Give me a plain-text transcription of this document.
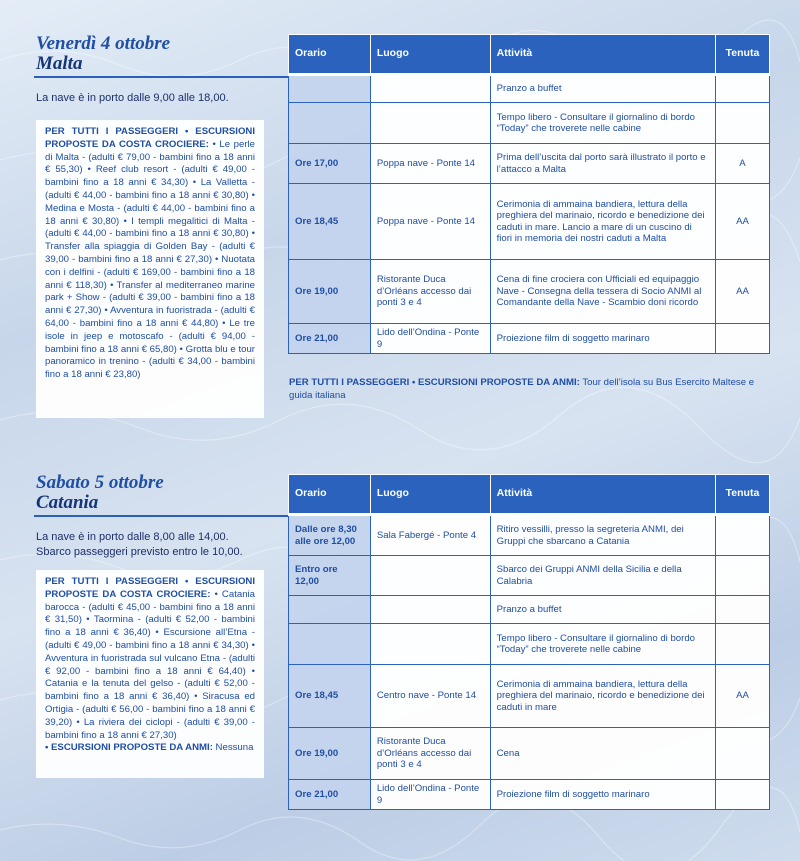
Venerdì 4 ottobre
Malta

La nave è in porto dalle 9,00 alle 18,00.

PER TUTTI I PASSEGGERI • ESCURSIONI PROPOSTE DA COSTA CROCIERE: • Le perle di Malta - (adulti € 79,00 - bambini fino a 18 anni € 55,30) • Reef club resort - (adulti € 49,00 - bambini fino a 18 anni € 34,30) • La Valletta - (adulti € 44,00 - bambini fino a 18 anni € 30,80) • Medina e Mosta - (adulti € 44,00 - bambini fino a 18 anni € 30,80) • I templi megalitici di Malta - (adulti € 44,00 - bambini fino a 18 anni € 30,80) • Transfer alla spiaggia di Golden Bay - (adulti € 39,00 - bambini fino a 18 anni € 27,30) • Nuotata con i delfini - (adulti € 169,00 - bambini fino a 18 anni € 118,30) • Transfer al mediterraneo marine park + Show - (adulti € 39,00 - bambini fino a 18 anni € 27,30) • Avventura in fuoristrada - (adulti € 64,00 - bambini fino a 18 anni € 44,80) • Le tre isole in jeep e motoscafo - (adulti € 94,00 - bambini fino a 18 anni € 65,80) • Grotta blu e tour panoramico in trenino - (adulti € 34,00 - bambini fino a 18 anni € 23,80)
Orario	Luogo	Attività	Tenuta
		Pranzo a buffet	
		Tempo libero - Consultare il giornalino di bordo “Today” che troverete nelle cabine	
Ore 17,00	Poppa nave - Ponte 14	Prima dell’uscita dal porto sarà illustrato il porto e l’attacco a Malta	A
Ore 18,45	Poppa nave - Ponte 14	Cerimonia di ammaina bandiera, lettura della preghiera del marinaio, ricordo e benedizione dei caduti in mare. Lancio a mare di un cuscino di fiori in memoria dei nostri caduti a Malta	AA
Ore 19,00	Ristorante Duca d’Orléans accesso dai ponti 3 e 4	Cena di fine crociera con Ufficiali ed equipaggio Nave - Consegna della tessera di Socio ANMI al Comandante della Nave - Scambio doni ricordo	AA
Ore 21,00	Lido dell’Ondina - Ponte 9	Proiezione film di soggetto marinaro	

PER TUTTI I PASSEGGERI • ESCURSIONI PROPOSTE DA ANMI: Tour dell’isola su Bus Esercito Maltese e guida italiana

Sabato 5 ottobre
Catania

La nave è in porto dalle 8,00 alle 14,00.
Sbarco passeggeri previsto entro le 10,00.

PER TUTTI I PASSEGGERI • ESCURSIONI PROPOSTE DA COSTA CROCIERE: • Catania barocca - (adulti € 45,00 - bambini fino a 18 anni € 31,50) • Taormina - (adulti € 52,00 - bambini fino a 18 anni € 36,40) • Escursione all’Etna - (adulti € 49,00 - bambini fino a 18 anni € 34,30) • Avventura in fuoristrada sul vulcano Etna - (adulti € 92,00 - bambini fino a 18 anni € 64,40) • Catania e la tenuta del gelso - (adulti € 52,00 - bambini fino a 18 anni € 36,40) • Siracusa ed Ortigia - (adulti € 56,00 - bambini fino a 18 anni € 39,20) • La riviera dei ciclopi - (adulti € 39,00 - bambini fino a 18 anni € 27,30)
• ESCURSIONI PROPOSTE DA ANMI: Nessuna
Orario	Luogo	Attività	Tenuta
Dalle ore 8,30 alle ore 12,00	Sala Fabergé - Ponte 4	Ritiro vessilli, presso la segreteria ANMI, dei Gruppi che sbarcano a Catania	
Entro ore 12,00		Sbarco dei Gruppi ANMI della Sicilia e della Calabria	
		Pranzo a buffet	
		Tempo libero - Consultare il giornalino di bordo “Today” che troverete nelle cabine	
Ore 18,45	Centro nave - Ponte 14	Cerimonia di ammaina bandiera, lettura della preghiera del marinaio, ricordo e benedizione dei caduti in mare	AA
Ore 19,00	Ristorante Duca d’Orléans accesso dai ponti 3 e 4	Cena	
Ore 21,00	Lido dell’Ondina - Ponte 9	Proiezione film di soggetto marinaro	
